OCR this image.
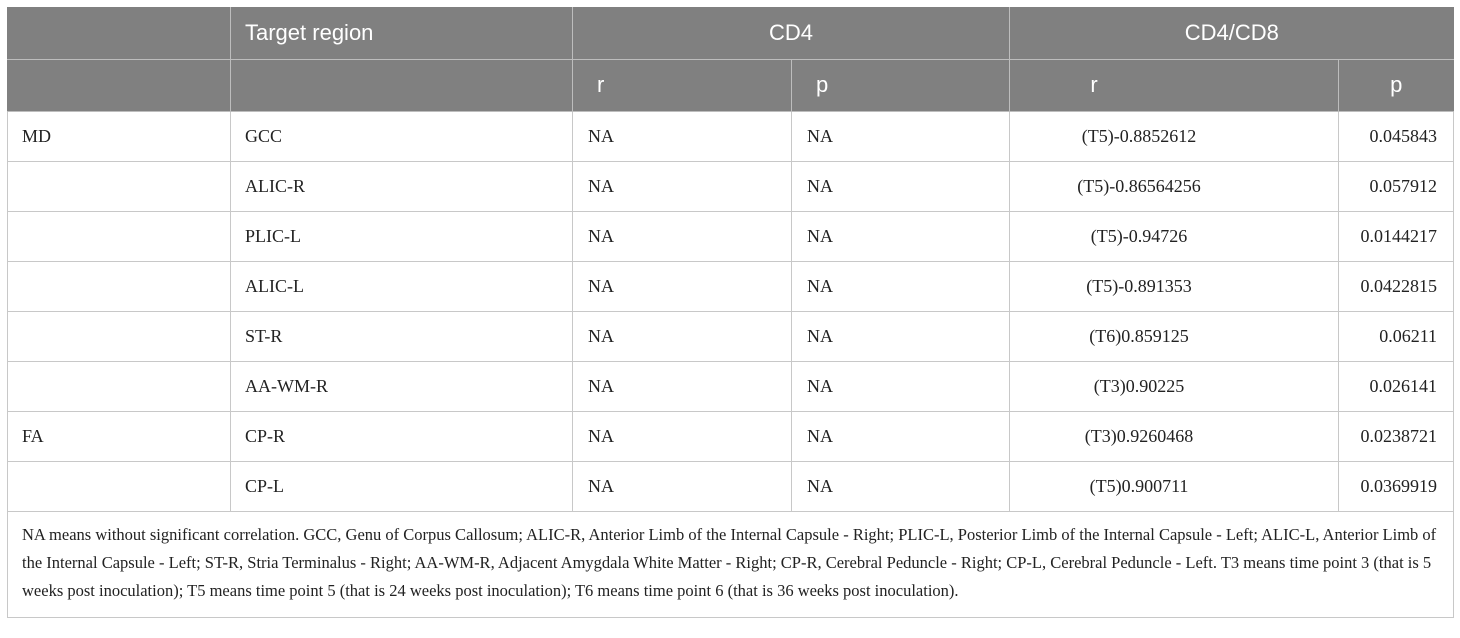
	Target region	CD4		CD4/CD8	
		r	p	r	p
MD	GCC	NA	NA	(T5)-0.8852612	0.045843
	ALIC-R	NA	NA	(T5)-0.86564256	0.057912
	PLIC-L	NA	NA	(T5)-0.94726	0.0144217
	ALIC-L	NA	NA	(T5)-0.891353	0.0422815
	ST-R	NA	NA	(T6)0.859125	0.06211
	AA-WM-R	NA	NA	(T3)0.90225	0.026141
FA	CP-R	NA	NA	(T3)0.9260468	0.0238721
	CP-L	NA	NA	(T5)0.900711	0.0369919
NA means without significant correlation. GCC, Genu of Corpus Callosum; ALIC-R, Anterior Limb of the Internal Capsule - Right; PLIC-L, Posterior Limb of the Internal Capsule - Left; ALIC-L, Anterior Limb of the Internal Capsule - Left; ST-R, Stria Terminalus - Right; AA-WM-R, Adjacent Amygdala White Matter - Right; CP-R, Cerebral Peduncle - Right; CP-L, Cerebral Peduncle - Left. T3 means time point 3 (that is 5 weeks post inoculation); T5 means time point 5 (that is 24 weeks post inoculation); T6 means time point 6 (that is 36 weeks post inoculation).					
